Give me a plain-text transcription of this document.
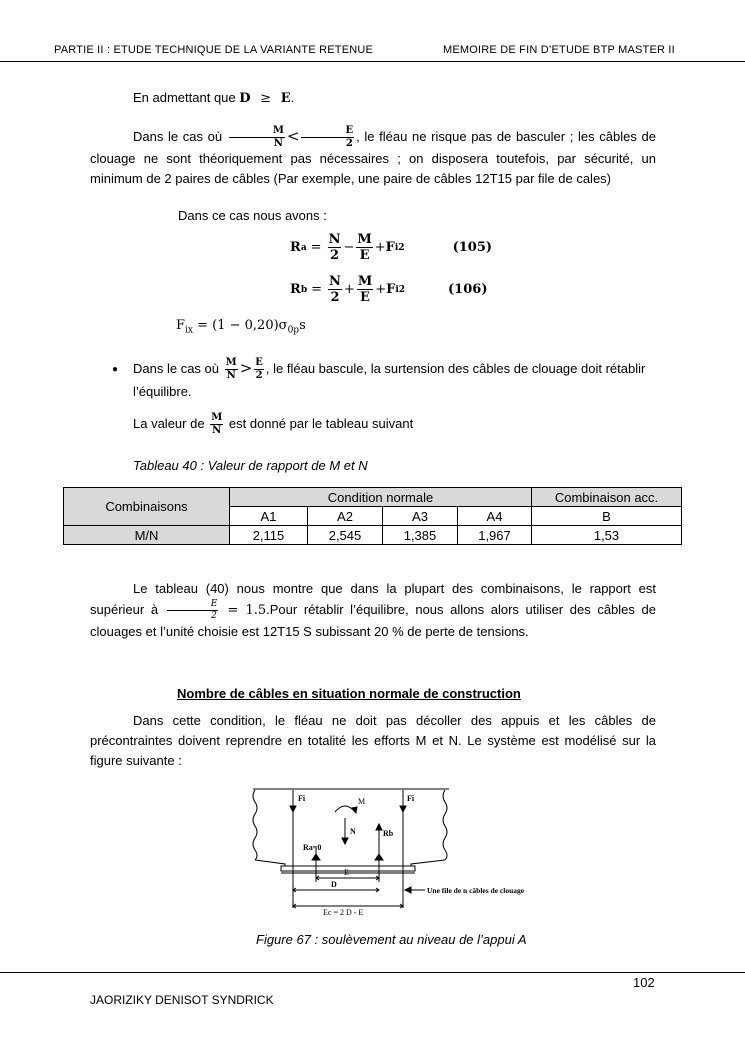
PARTIE II : ETUDE TECHNIQUE DE LA VARIANTE RETENUE	MEMOIRE DE FIN D’ETUDE BTP MASTER II
En admettant que D ≥ E.
Dans le cas où $\frac{M}{N} < \frac{E}{2}$ , le fléau ne risque pas de basculer ; les câbles de clouage ne sont théoriquement pas nécessaires ; on disposera toutefois, par sécurité, un minimum de 2 paires de câbles (Par exemple, une paire de câbles 12T15 par file de cales)
Dans ce cas nous avons :
R $a = \frac{N}{2} - \frac{M}{E} + F$ i2	(105)
R $b = \frac{N}{2} + \frac{M}{E} + F$ i2	(106)
$F_{ix} = (1 - 0,20)\sigma_{0p}s$
● Dans le cas où $\frac{M}{N} > \frac{E}{2}$ , le fléau bascule, la surtension des câbles de clouage doit rétablir l’équilibre.
La valeur de $\frac{M}{N}$ est donné par le tableau suivant
Tableau 40 : Valeur de rapport de M et N
Combinaisons	Condition normale				Combinaison acc.
	A1	A2	A3	A4	B
M/N	2,115	2,545	1,385	1,967	1,53
Le tableau (40) nous montre que dans la plupart des combinaisons, le rapport est supérieur à $\frac{E}{2}$ = 1.5.Pour rétablir l’équilibre, nous allons alors utiliser des câbles de clouages et l’unité choisie est 12T15 S subissant 20 % de perte de tensions.
Nombre de câbles en situation normale de construction
Dans cette condition, le fléau ne doit pas décoller des appuis et les câbles de précontraintes doivent reprendre en totalité les efforts M et N. Le système est modélisé sur la figure suivante :
Fi	Fi
M
N	Rb
Ra=0
E
D
Ec = 2 D - E
Une file de n câbles de clouage
Figure 67 : soulèvement au niveau de l’appui A
102
JAORIZIKY DENISOT SYNDRICK
